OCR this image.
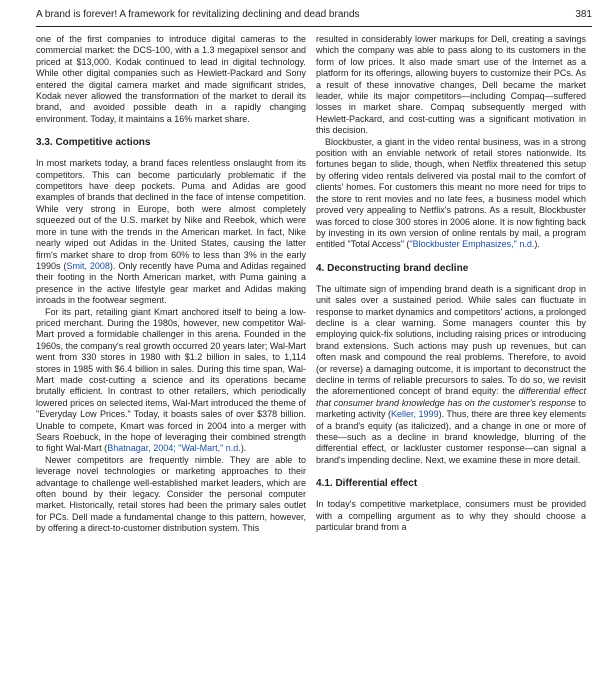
A brand is forever! A framework for revitalizing declining and dead brands	381

one of the first companies to introduce digital cameras to the commercial market: the DCS-100, with a 1.3 megapixel sensor and priced at $13,000. Kodak continued to lead in digital technology. While other digital companies such as Hewlett-Packard and Sony entered the digital camera market and made significant strides, Kodak never allowed the transformation of the market to derail its brand, and avoided possible death in a rapidly changing environment. Today, it maintains a 16% market share.

3.3. Competitive actions

In most markets today, a brand faces relentless onslaught from its competitors. This can become particularly problematic if the competitors have deep pockets. Puma and Adidas are good examples of brands that declined in the face of intense competition. While very strong in Europe, both were almost completely squeezed out of the U.S. market by Nike and Reebok, which were more in tune with the trends in the American market. In fact, Nike nearly wiped out Adidas in the United States, causing the latter firm's market share to drop from 60% to less than 3% in the early 1990s (Smit, 2008). Only recently have Puma and Adidas regained their footing in the North American market, with Puma gaining a presence in the active lifestyle gear market and Adidas making inroads in the footwear segment.

For its part, retailing giant Kmart anchored itself to being a low-priced merchant. During the 1980s, however, new competitor Wal-Mart proved a formidable challenger in this arena. Founded in the 1960s, the company's real growth occurred 20 years later; Wal-Mart went from 330 stores in 1980 with $1.2 billion in sales, to 1,114 stores in 1985 with $6.4 billion in sales. During this time span, Wal-Mart made cost-cutting a science and its operations became brutally efficient. In contrast to other retailers, which periodically lowered prices on selected items, Wal-Mart introduced the theme of "Everyday Low Prices." Today, it boasts sales of over $378 billion. Unable to compete, Kmart was forced in 2004 into a merger with Sears Roebuck, in the hope of leveraging their combined strength to fight Wal-Mart (Bhatnagar, 2004; "Wal-Mart," n.d.).

Newer competitors are frequently nimble. They are able to leverage novel technologies or marketing approaches to their advantage to challenge well-established market leaders, which are often bound by their legacy. Consider the personal computer market. Historically, retail stores had been the primary sales outlet for PCs. Dell made a fundamental change to this pattern, however, by offering a direct-to-customer distribution system. This

resulted in considerably lower markups for Dell, creating a savings which the company was able to pass along to its customers in the form of low prices. It also made smart use of the Internet as a platform for its offerings, allowing buyers to customize their PCs. As a result of these innovative changes, Dell became the market leader, while its major competitors—including Compaq—suffered losses in market share. Compaq subsequently merged with Hewlett-Packard, and cost-cutting was a significant motivation in this decision.

Blockbuster, a giant in the video rental business, was in a strong position with an enviable network of retail stores nationwide. Its fortunes began to slide, though, when Netflix threatened this setup by offering video rentals delivered via postal mail to the comfort of clients' homes. For customers this meant no more need for trips to the store to rent movies and no late fees, a business model which proved very appealing to Netflix's patrons. As a result, Blockbuster was forced to close 300 stores in 2006 alone. It is now fighting back by investing in its own version of online rentals by mail, a program entitled "Total Access" ("Blockbuster Emphasizes," n.d.).

4. Deconstructing brand decline

The ultimate sign of impending brand death is a significant drop in unit sales over a sustained period. While sales can fluctuate in response to market dynamics and competitors' actions, a prolonged decline is a clear warning. Some managers counter this by employing quick-fix solutions, including raising prices or introducing brand extensions. Such actions may push up revenues, but can often mask and compound the real problems. Therefore, to avoid (or reverse) a damaging outcome, it is important to deconstruct the decline in terms of reliable precursors to sales. To do so, we revisit the aforementioned concept of brand equity: the differential effect that consumer brand knowledge has on the customer's response to marketing activity (Keller, 1999). Thus, there are three key elements of a brand's equity (as italicized), and a change in one or more of these—such as a decline in brand knowledge, blurring of the differential effect, or lackluster customer response—can signal a brand's impending decline. Next, we examine these in more detail.

4.1. Differential effect

In today's competitive marketplace, consumers must be provided with a compelling argument as to why they should choose a particular brand from a
